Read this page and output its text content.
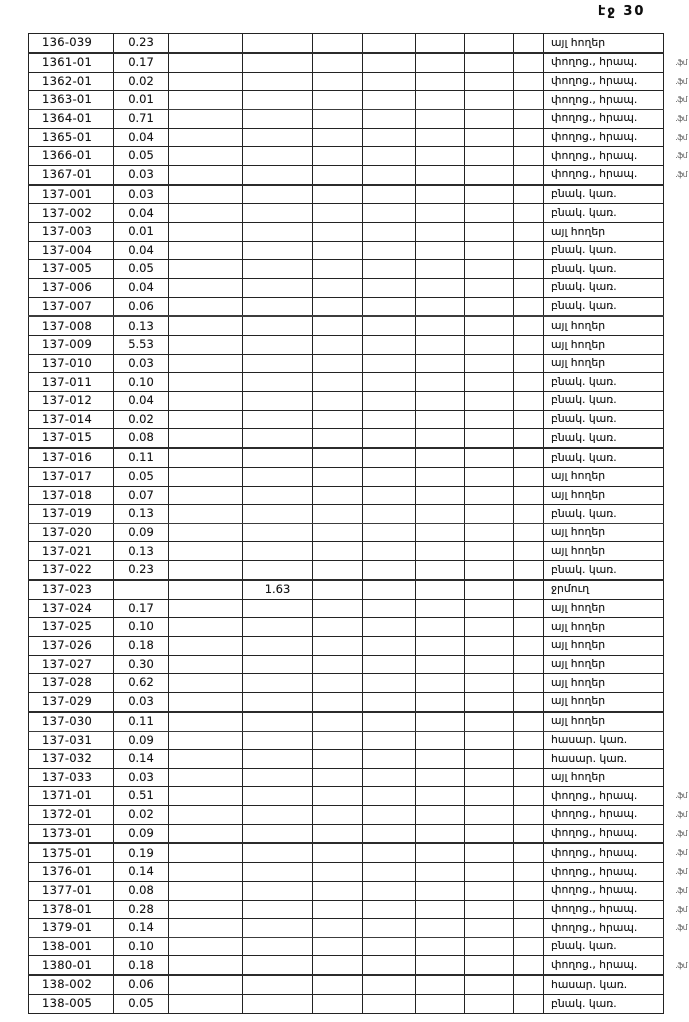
էջ 30
136-039	0.23								այլ հողեր	
1361-01	0.17								փողոց., հրապ.	.ֆմ
1362-01	0.02								փողոց., հրապ.	.ֆմ
1363-01	0.01								փողոց., հրապ.	.ֆմ
1364-01	0.71								փողոց., հրապ.	.ֆմ
1365-01	0.04								փողոց., հրապ.	.ֆմ
1366-01	0.05								փողոց., հրապ.	.ֆմ
1367-01	0.03								փողոց., հրապ.	.ֆմ
137-001	0.03								բնակ. կառ.	
137-002	0.04								բնակ. կառ.	
137-003	0.01								այլ հողեր	
137-004	0.04								բնակ. կառ.	
137-005	0.05								բնակ. կառ.	
137-006	0.04								բնակ. կառ.	
137-007	0.06								բնակ. կառ.	
137-008	0.13								այլ հողեր	
137-009	5.53								այլ հողեր	
137-010	0.03								այլ հողեր	
137-011	0.10								բնակ. կառ.	
137-012	0.04								բնակ. կառ.	
137-014	0.02								բնակ. կառ.	
137-015	0.08								բնակ. կառ.	
137-016	0.11								բնակ. կառ.	
137-017	0.05								այլ հողեր	
137-018	0.07								այլ հողեր	
137-019	0.13								բնակ. կառ.	
137-020	0.09								այլ հողեր	
137-021	0.13								այլ հողեր	
137-022	0.23								բնակ. կառ.	
137-023			1.63						ջրմուղ	
137-024	0.17								այլ հողեր	
137-025	0.10								այլ հողեր	
137-026	0.18								այլ հողեր	
137-027	0.30								այլ հողեր	
137-028	0.62								այլ հողեր	
137-029	0.03								այլ հողեր	
137-030	0.11								այլ հողեր	
137-031	0.09								հասար. կառ.	
137-032	0.14								հասար. կառ.	
137-033	0.03								այլ հողեր	
1371-01	0.51								փողոց., հրապ.	.ֆմ
1372-01	0.02								փողոց., հրապ.	.ֆմ
1373-01	0.09								փողոց., հրապ.	.ֆմ
1375-01	0.19								փողոց., հրապ.	.ֆմ
1376-01	0.14								փողոց., հրապ.	.ֆմ
1377-01	0.08								փողոց., հրապ.	.ֆմ
1378-01	0.28								փողոց., հրապ.	.ֆմ
1379-01	0.14								փողոց., հրապ.	.ֆմ
138-001	0.10								բնակ. կառ.	
1380-01	0.18								փողոց., հրապ.	.ֆմ
138-002	0.06								հասար. կառ.	
138-005	0.05								բնակ. կառ.	
